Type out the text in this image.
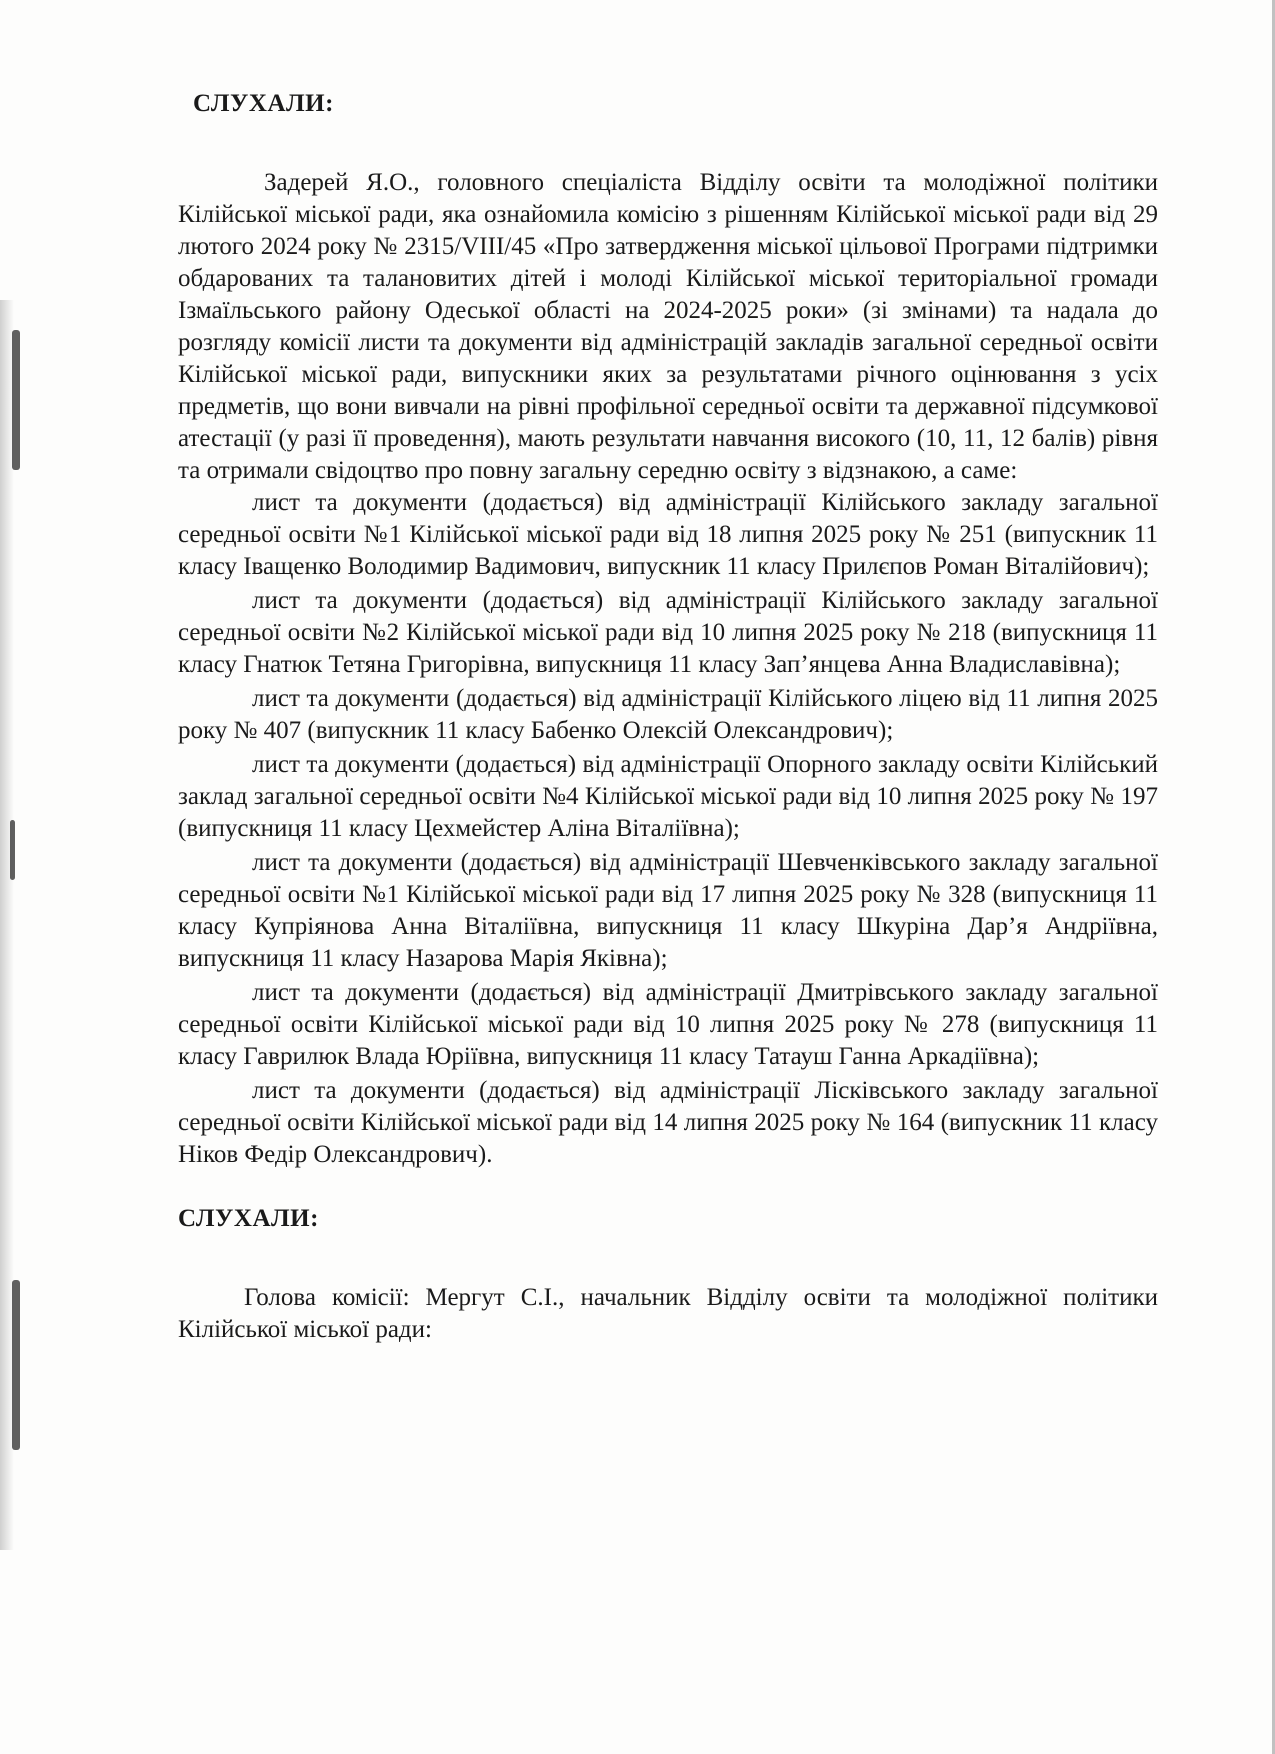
СЛУХАЛИ:

Задерей Я.О., головного спеціаліста Відділу освіти та молодіжної політики Кілійської міської ради, яка ознайомила комісію з рішенням Кілійської міської ради від 29 лютого 2024 року № 2315/VIII/45 «Про затвердження міської цільової Програми підтримки обдарованих та талановитих дітей і молоді Кілійської міської територіальної громади Ізмаїльського району Одеської області на 2024-2025 роки» (зі змінами) та надала до розгляду комісії листи та документи від адміністрацій закладів загальної середньої освіти Кілійської міської ради, випускники яких за результатами річного оцінювання з усіх предметів, що вони вивчали на рівні профільної середньої освіти та державної підсумкової атестації (у разі її проведення), мають результати навчання високого (10, 11, 12 балів) рівня та отримали свідоцтво про повну загальну середню освіту з відзнакою, а саме:

лист та документи (додається) від адміністрації Кілійського закладу загальної середньої освіти №1 Кілійської міської ради від 18 липня 2025 року № 251 (випускник 11 класу Іващенко Володимир Вадимович, випускник 11 класу Прилєпов Роман Віталійович);

лист та документи (додається) від адміністрації Кілійського закладу загальної середньої освіти №2 Кілійської міської ради від 10 липня 2025 року № 218 (випускниця 11 класу Гнатюк Тетяна Григорівна, випускниця 11 класу Зап’янцева Анна Владиславівна);

лист та документи (додається) від адміністрації Кілійського ліцею від 11 липня 2025 року № 407 (випускник 11 класу Бабенко Олексій Олександрович);

лист та документи (додається) від адміністрації Опорного закладу освіти Кілійський заклад загальної середньої освіти №4 Кілійської міської ради від 10 липня 2025 року № 197 (випускниця 11 класу Цехмейстер Аліна Віталіївна);

лист та документи (додається) від адміністрації Шевченківського закладу загальної середньої освіти №1 Кілійської міської ради від 17 липня 2025 року № 328 (випускниця 11 класу Купріянова Анна Віталіївна, випускниця 11 класу Шкуріна Дар’я Андріївна, випускниця 11 класу Назарова Марія Яківна);

лист та документи (додається) від адміністрації Дмитрівського закладу загальної середньої освіти Кілійської міської ради від 10 липня 2025 року № 278 (випускниця 11 класу Гаврилюк Влада Юріївна, випускниця 11 класу Татауш Ганна Аркадіївна);

лист та документи (додається) від адміністрації Лісківського закладу загальної середньої освіти Кілійської міської ради від 14 липня 2025 року № 164 (випускник 11 класу Ніков Федір Олександрович).

СЛУХАЛИ:

Голова комісії: Мергут С.І., начальник Відділу освіти та молодіжної політики Кілійської міської ради:
